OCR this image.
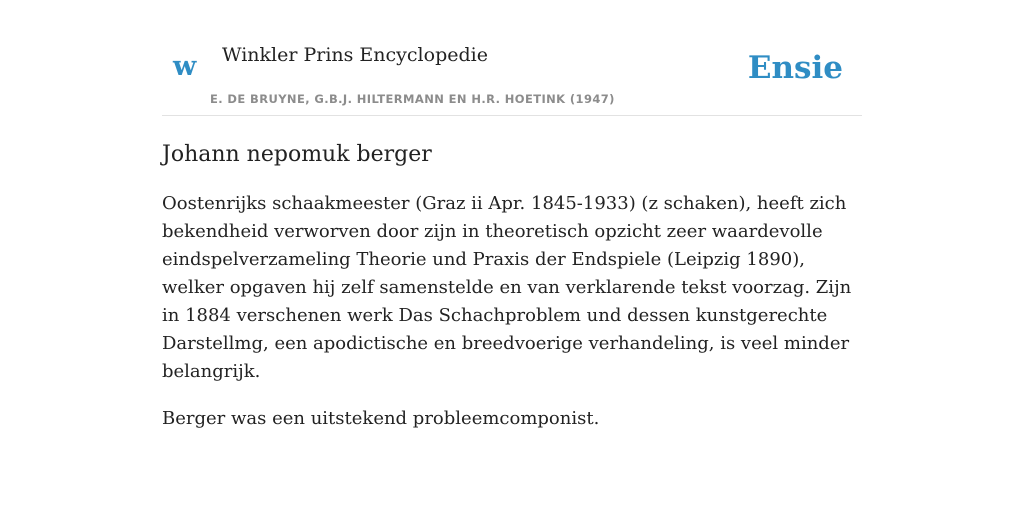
w Winkler Prins Encyclopedie	Ensie
E. DE BRUYNE, G.B.J. HILTERMANN EN H.R. HOETINK (1947)
Johann nepomuk berger

Oostenrijks schaakmeester (Graz ii Apr. 1845-1933) (z schaken), heeft zich bekendheid verworven door zijn in theoretisch opzicht zeer waardevolle eindspelverzameling Theorie und Praxis der Endspiele (Leipzig 1890), welker opgaven hij zelf samenstelde en van verklarende tekst voorzag. Zijn in 1884 verschenen werk Das Schachproblem und dessen kunstgerechte Darstellmg, een apodictische en breedvoerige verhandeling, is veel minder belangrijk.

Berger was een uitstekend probleemcomponist.
